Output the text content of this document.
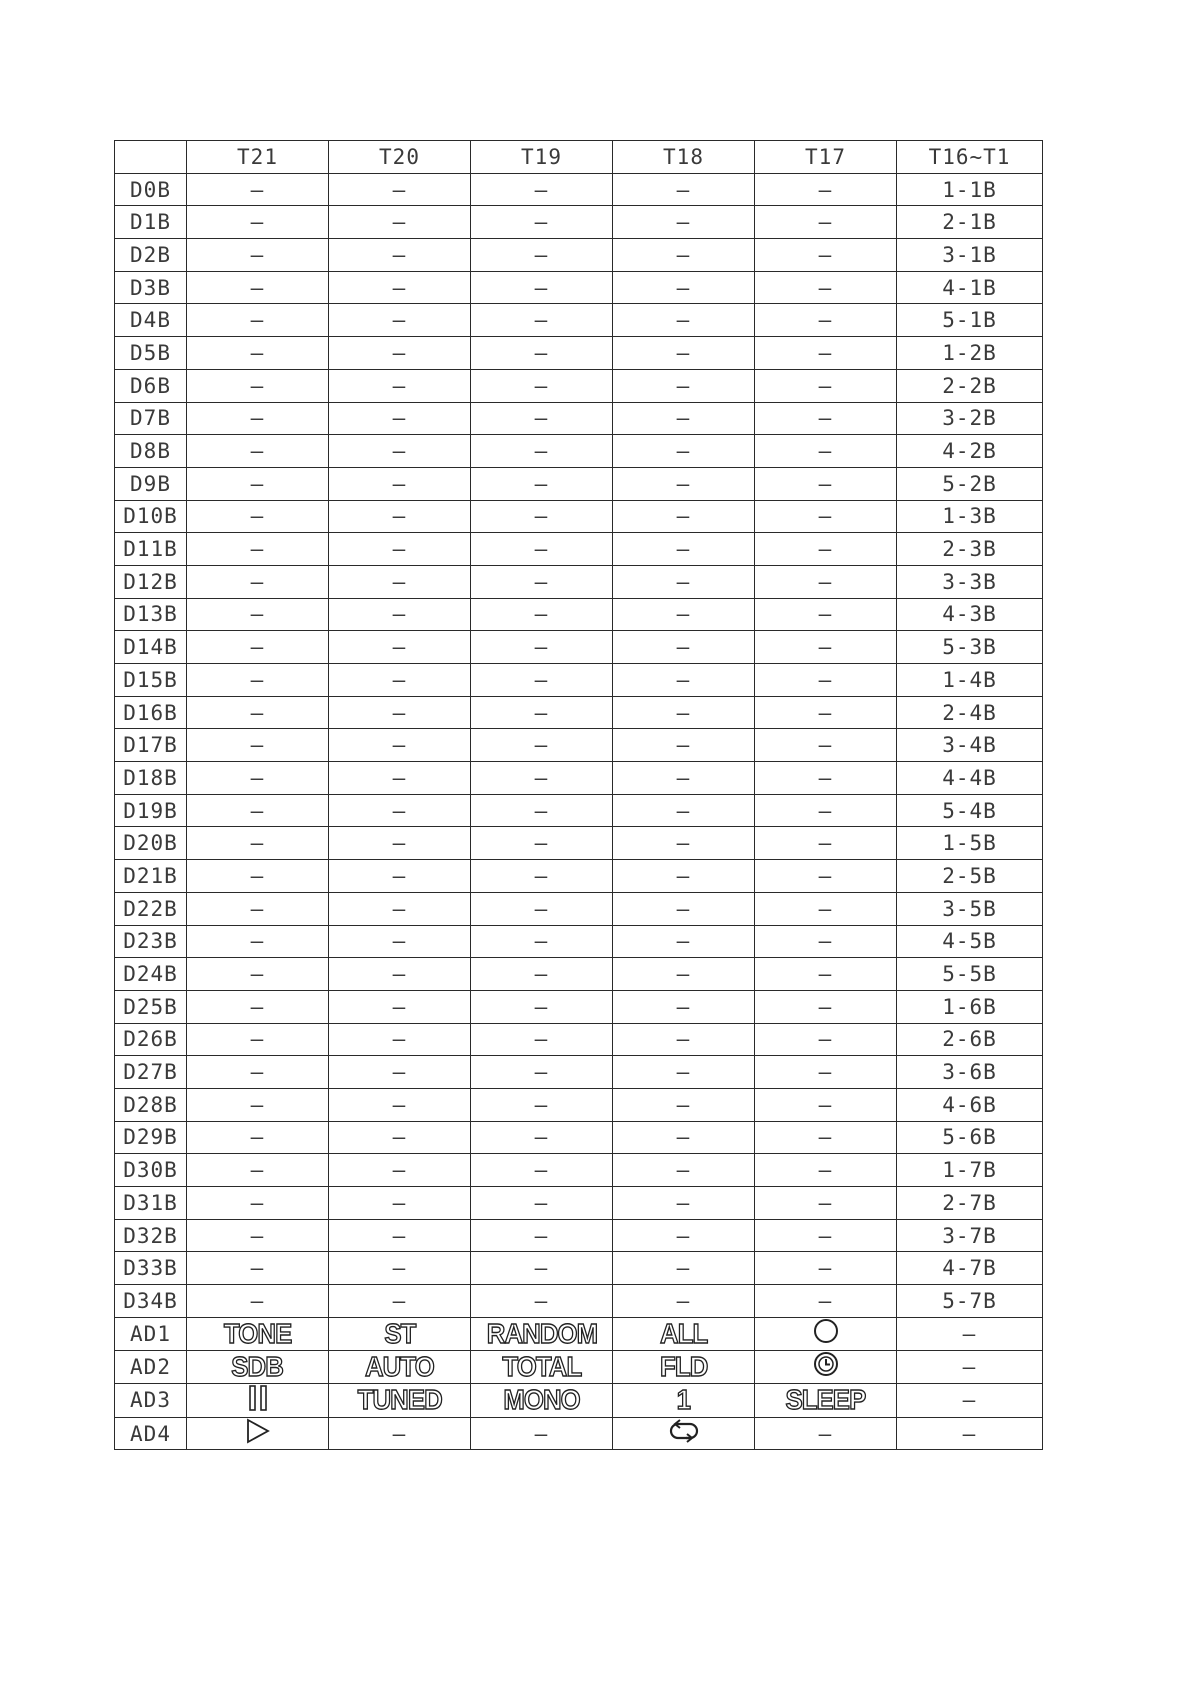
	T21	T20	T19	T18	T17	T16~T1
D0B	–	–	–	–	–	1-1B
D1B	–	–	–	–	–	2-1B
D2B	–	–	–	–	–	3-1B
D3B	–	–	–	–	–	4-1B
D4B	–	–	–	–	–	5-1B
D5B	–	–	–	–	–	1-2B
D6B	–	–	–	–	–	2-2B
D7B	–	–	–	–	–	3-2B
D8B	–	–	–	–	–	4-2B
D9B	–	–	–	–	–	5-2B
D10B	–	–	–	–	–	1-3B
D11B	–	–	–	–	–	2-3B
D12B	–	–	–	–	–	3-3B
D13B	–	–	–	–	–	4-3B
D14B	–	–	–	–	–	5-3B
D15B	–	–	–	–	–	1-4B
D16B	–	–	–	–	–	2-4B
D17B	–	–	–	–	–	3-4B
D18B	–	–	–	–	–	4-4B
D19B	–	–	–	–	–	5-4B
D20B	–	–	–	–	–	1-5B
D21B	–	–	–	–	–	2-5B
D22B	–	–	–	–	–	3-5B
D23B	–	–	–	–	–	4-5B
D24B	–	–	–	–	–	5-5B
D25B	–	–	–	–	–	1-6B
D26B	–	–	–	–	–	2-6B
D27B	–	–	–	–	–	3-6B
D28B	–	–	–	–	–	4-6B
D29B	–	–	–	–	–	5-6B
D30B	–	–	–	–	–	1-7B
D31B	–	–	–	–	–	2-7B
D32B	–	–	–	–	–	3-7B
D33B	–	–	–	–	–	4-7B
D34B	–	–	–	–	–	5-7B
AD1	TONE	ST	RANDOM	ALL		–
AD2	SDB	AUTO	TOTAL	FLD		–
AD3		TUNED	MONO	1	SLEEP	–
AD4		–	–		–	–
